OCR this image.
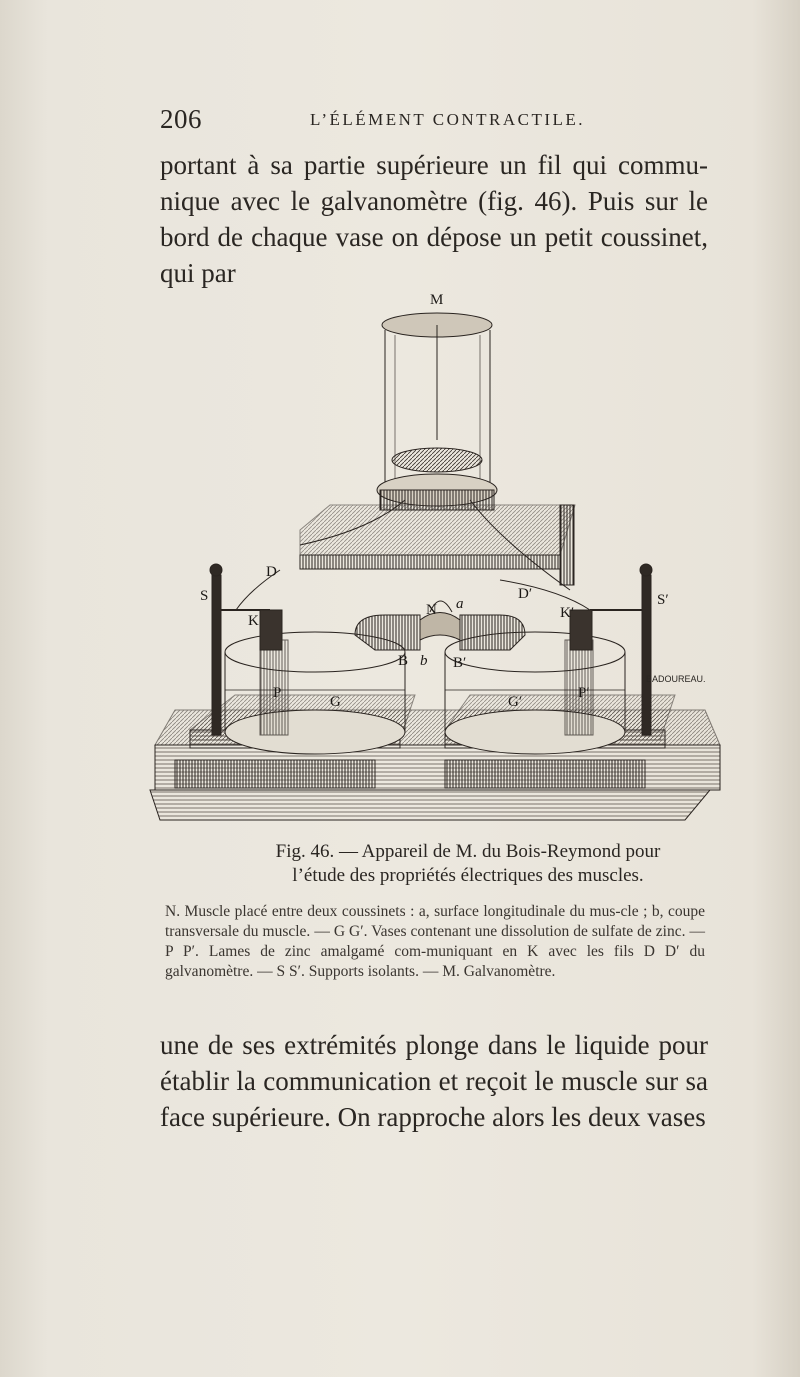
206	L’ÉLÉMENT CONTRACTILE.

portant à sa partie supérieure un fil qui commu-nique avec le galvanomètre (fig. 46). Puis sur le bord de chaque vase on dépose un petit coussinet, qui par

M
D
D′
S	S′
K	K′
N a
B b B′
P	P′
G	G′
BADOUREAU.
Fig. 46. — Appareil de M. du Bois-Reymond pour l’étude des propriétés électriques des muscles.

N. Muscle placé entre deux coussinets : a, surface longitudinale du mus-cle ; b, coupe transversale du muscle. — G G′. Vases contenant une dissolution de sulfate de zinc. — P P′. Lames de zinc amalgamé com-muniquant en K avec les fils D D′ du galvanomètre. — S S′. Supports isolants. — M. Galvanomètre.

une de ses extrémités plonge dans le liquide pour établir la communication et reçoit le muscle sur sa face supérieure. On rapproche alors les deux vases
